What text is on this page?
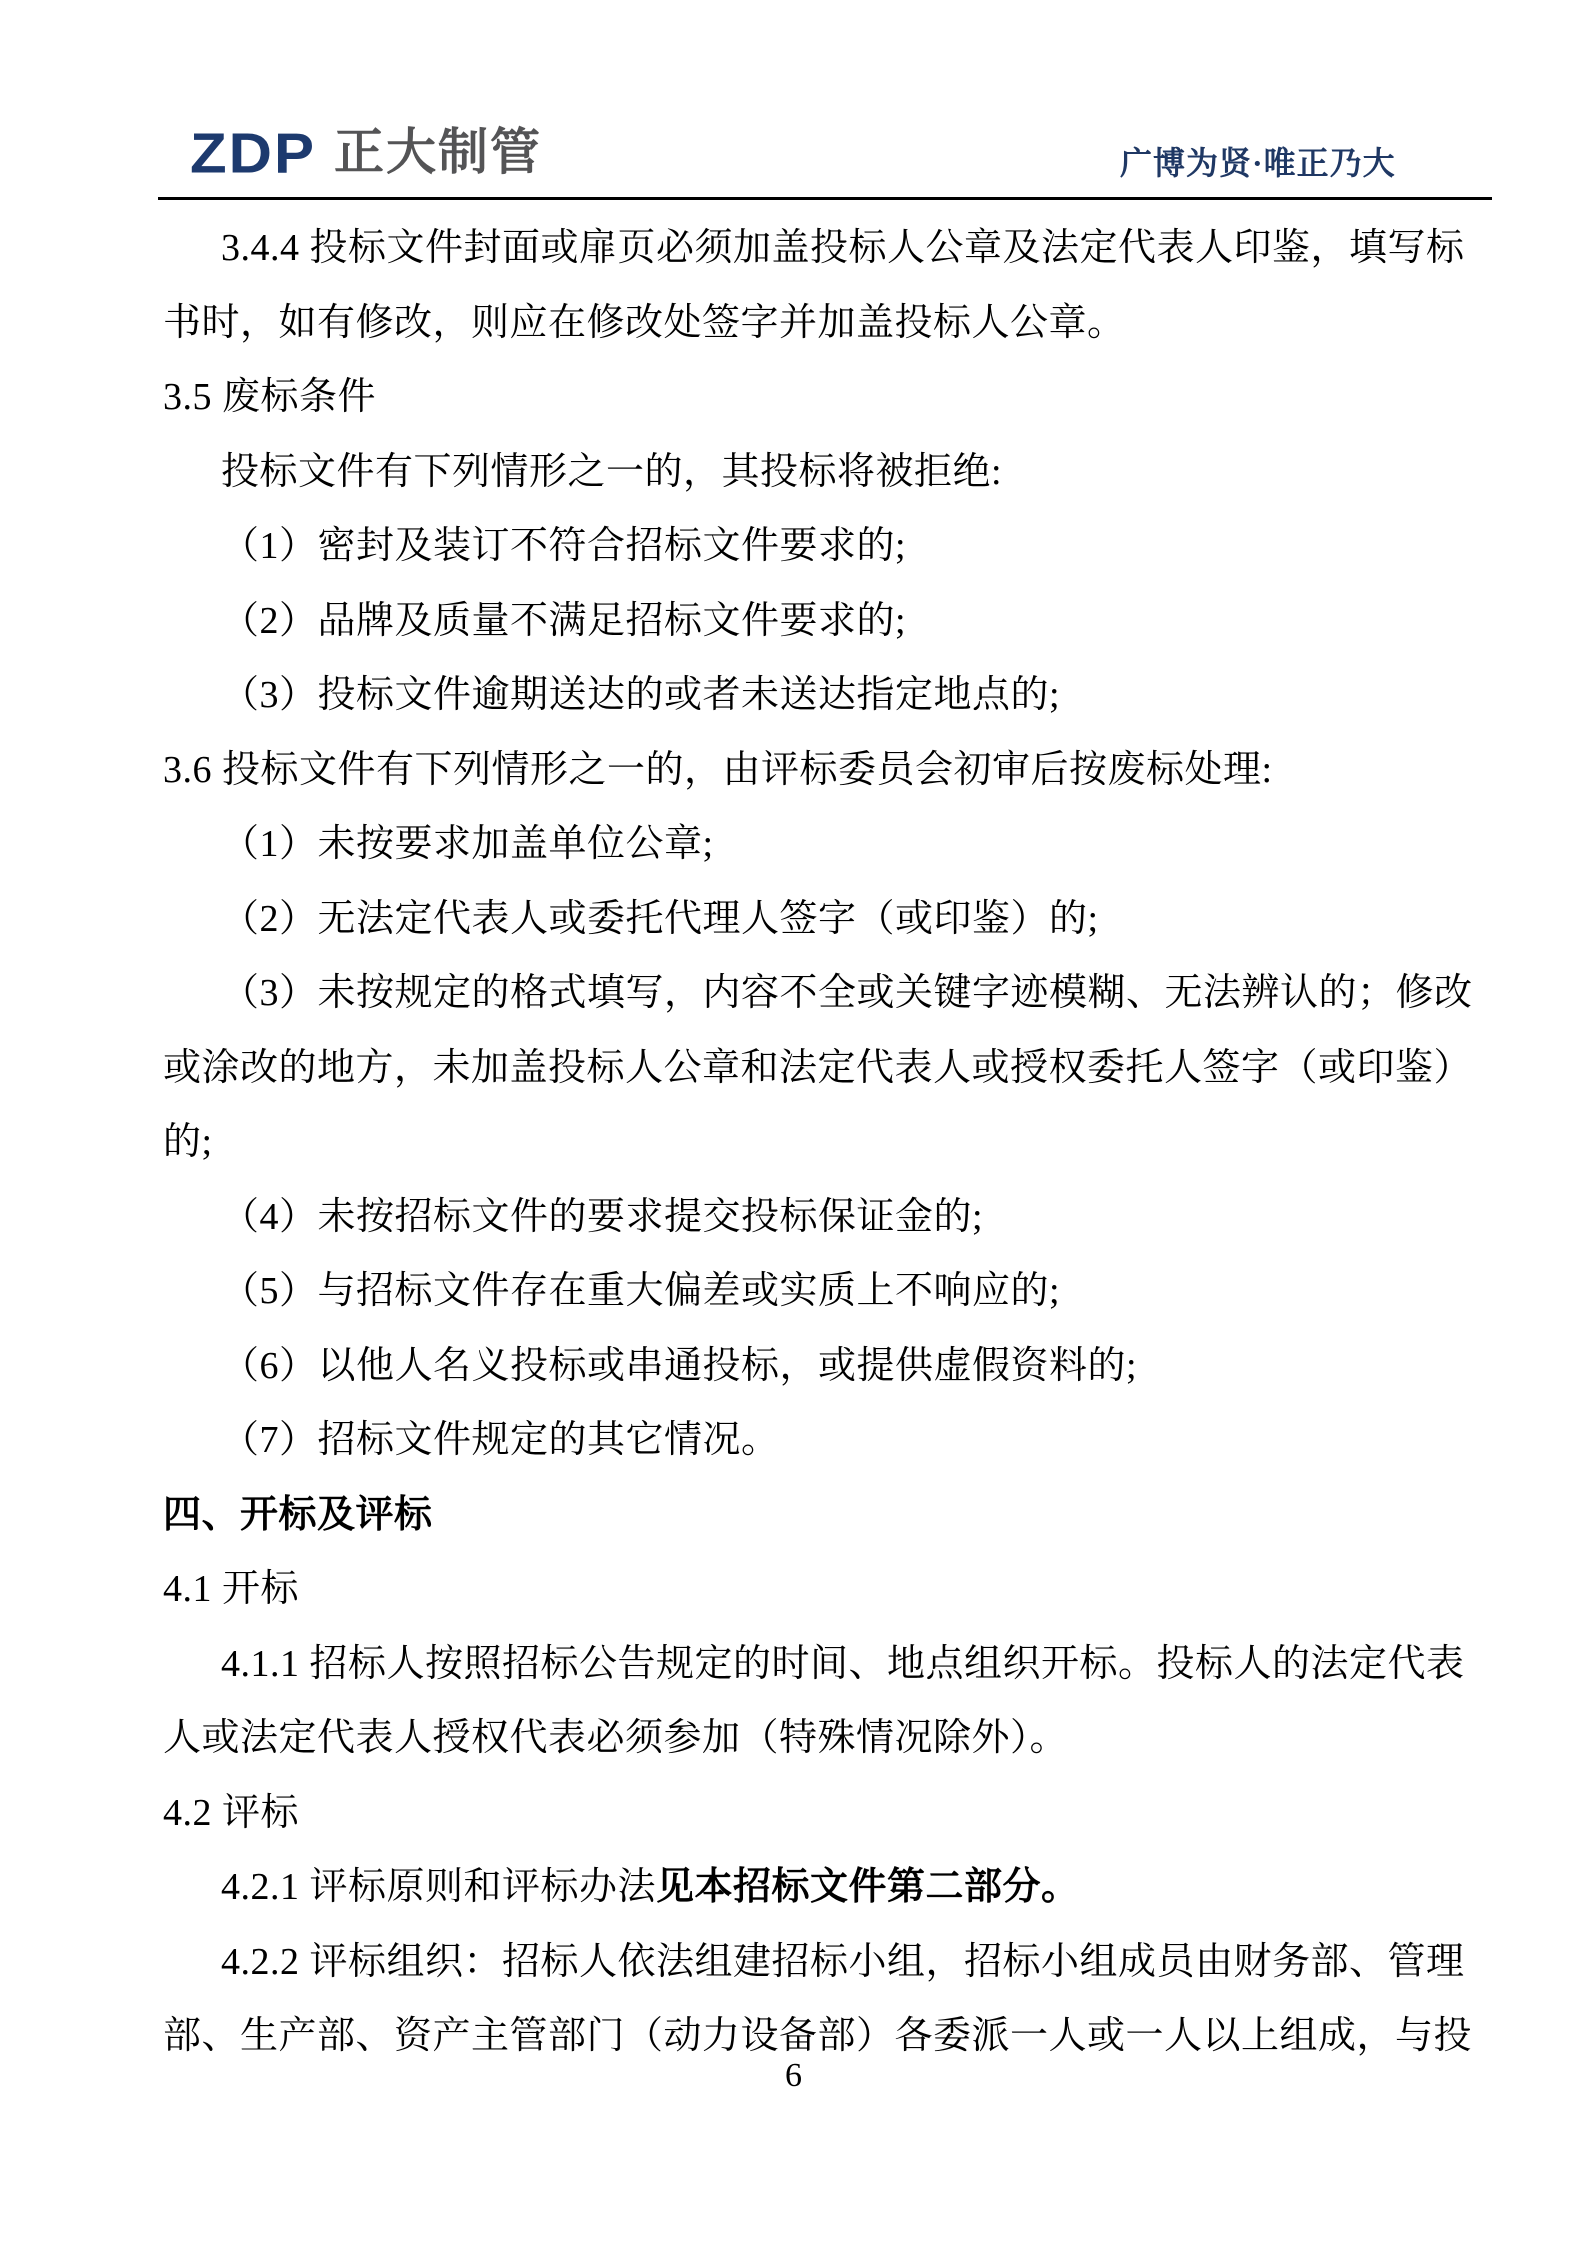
ZDP 正大制管	广博为贤·唯正乃大
3.4.4 投标文件封面或扉页必须加盖投标人公章及法定代表人印鉴，填写标
书时，如有修改，则应在修改处签字并加盖投标人公章。
3.5 废标条件
投标文件有下列情形之一的，其投标将被拒绝:
（1）密封及装订不符合招标文件要求的;
（2）品牌及质量不满足招标文件要求的;
（3）投标文件逾期送达的或者未送达指定地点的;
3.6 投标文件有下列情形之一的，由评标委员会初审后按废标处理:
（1）未按要求加盖单位公章;
（2）无法定代表人或委托代理人签字（或印鉴）的;
（3）未按规定的格式填写，内容不全或关键字迹模糊、无法辨认的；修改
或涂改的地方，未加盖投标人公章和法定代表人或授权委托人签字（或印鉴）
的;
（4）未按招标文件的要求提交投标保证金的;
（5）与招标文件存在重大偏差或实质上不响应的;
（6）以他人名义投标或串通投标，或提供虚假资料的;
（7）招标文件规定的其它情况。
四、开标及评标
4.1 开标
4.1.1 招标人按照招标公告规定的时间、地点组织开标。投标人的法定代表
人或法定代表人授权代表必须参加（特殊情况除外）。
4.2 评标
4.2.1 评标原则和评标办法见本招标文件第二部分。
4.2.2 评标组织：招标人依法组建招标小组，招标小组成员由财务部、管理
部、生产部、资产主管部门（动力设备部）各委派一人或一人以上组成，与投
6
